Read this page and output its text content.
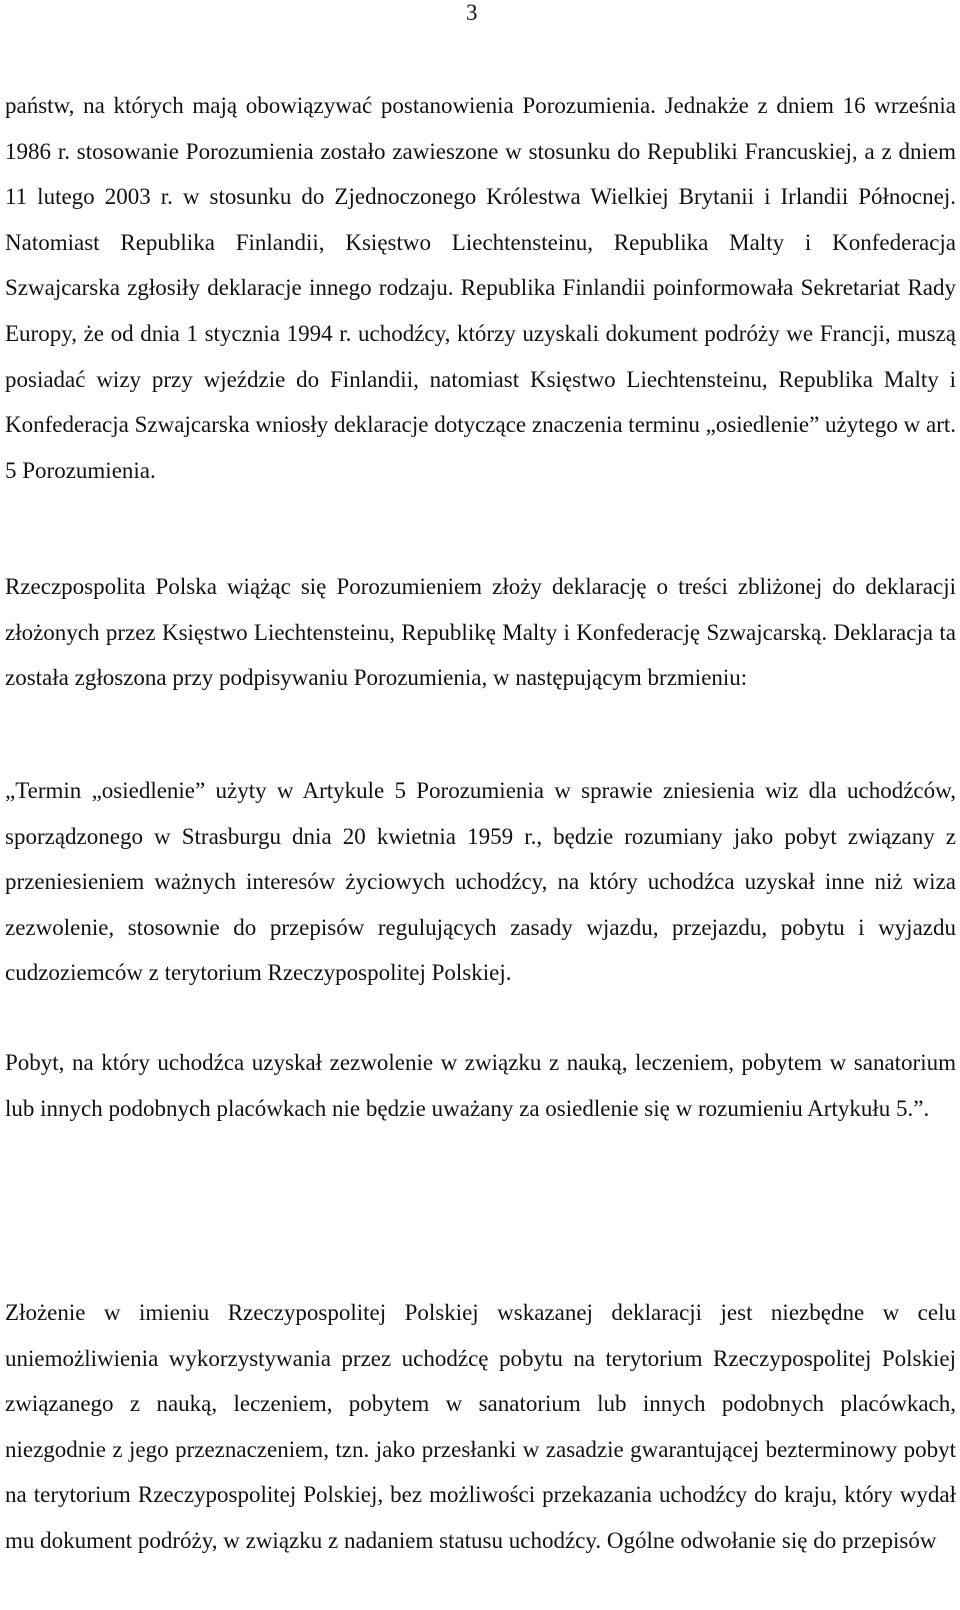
3

państw, na których mają obowiązywać postanowienia Porozumienia. Jednakże z dniem 16 września 1986 r. stosowanie Porozumienia zostało zawieszone w stosunku do Republiki Francuskiej, a z dniem 11 lutego 2003 r. w stosunku do Zjednoczonego Królestwa Wielkiej Brytanii i Irlandii Północnej. Natomiast Republika Finlandii, Księstwo Liechtensteinu, Republika Malty i Konfederacja Szwajcarska zgłosiły deklaracje innego rodzaju. Republika Finlandii poinformowała Sekretariat Rady Europy, że od dnia 1 stycznia 1994 r. uchodźcy, którzy uzyskali dokument podróży we Francji, muszą posiadać wizy przy wjeździe do Finlandii, natomiast Księstwo Liechtensteinu, Republika Malty i Konfederacja Szwajcarska wniosły deklaracje dotyczące znaczenia terminu „osiedlenie” użytego w art. 5 Porozumienia.

Rzeczpospolita Polska wiążąc się Porozumieniem złoży deklarację o treści zbliżonej do deklaracji złożonych przez Księstwo Liechtensteinu, Republikę Malty i Konfederację Szwajcarską. Deklaracja ta została zgłoszona przy podpisywaniu Porozumienia, w następującym brzmieniu:

„Termin „osiedlenie” użyty w Artykule 5 Porozumienia w sprawie zniesienia wiz dla uchodźców, sporządzonego w Strasburgu dnia 20 kwietnia 1959 r., będzie rozumiany jako pobyt związany z przeniesieniem ważnych interesów życiowych uchodźcy, na który uchodźca uzyskał inne niż wiza zezwolenie, stosownie do przepisów regulujących zasady wjazdu, przejazdu, pobytu i wyjazdu cudzoziemców z terytorium Rzeczypospolitej Polskiej.

Pobyt, na który uchodźca uzyskał zezwolenie w związku z nauką, leczeniem, pobytem w sanatorium lub innych podobnych placówkach nie będzie uważany za osiedlenie się w rozumieniu Artykułu 5.”.

Złożenie w imieniu Rzeczypospolitej Polskiej wskazanej deklaracji jest niezbędne w celu uniemożliwienia wykorzystywania przez uchodźcę pobytu na terytorium Rzeczypospolitej Polskiej związanego z nauką, leczeniem, pobytem w sanatorium lub innych podobnych placówkach, niezgodnie z jego przeznaczeniem, tzn. jako przesłanki w zasadzie gwarantującej bezterminowy pobyt na terytorium Rzeczypospolitej Polskiej, bez możliwości przekazania uchodźcy do kraju, który wydał mu dokument podróży, w związku z nadaniem statusu uchodźcy. Ogólne odwołanie się do przepisów
